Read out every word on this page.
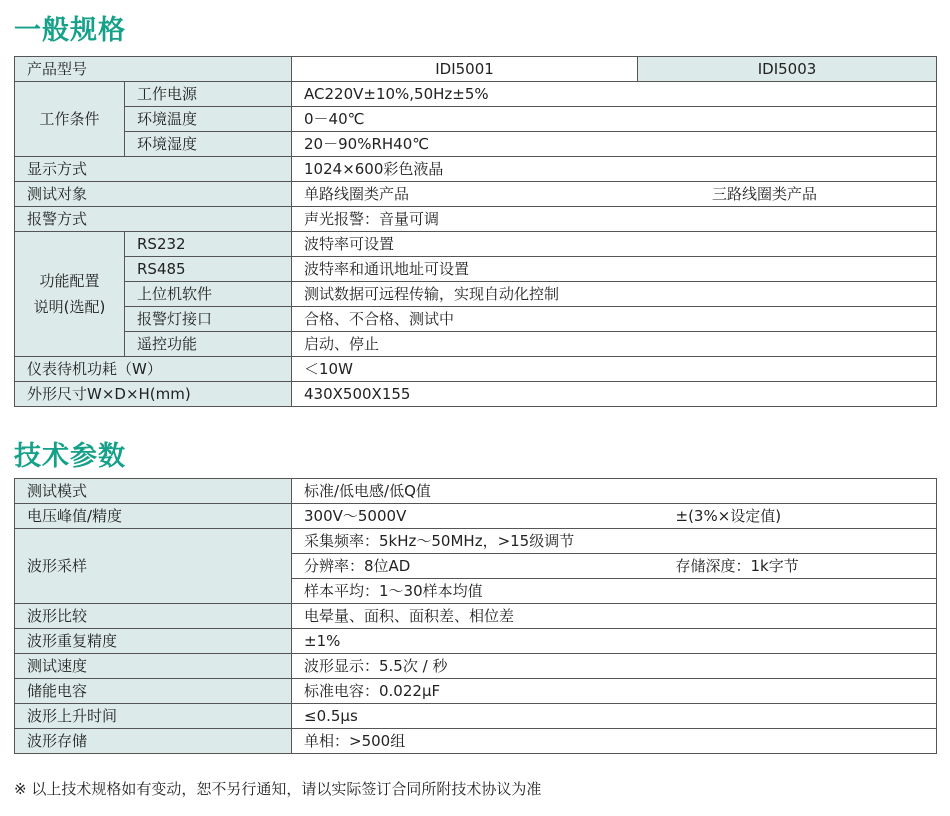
一般规格
产品型号		IDI5001	IDI5003
工作条件	工作电源	AC220V±10%,50Hz±5%	
	环境温度	0－40℃	
	环境湿度	20－90%RH40℃	
显示方式		1024×600彩色液晶	
测试对象		单路线圈类产品 三路线圈类产品	

报警方式		声光报警：音量可调	
功能配置
说明(选配)	RS232	波特率可设置	
	RS485	波特率和通讯地址可设置	
	上位机软件	测试数据可远程传输，实现自动化控制	
	报警灯接口	合格、不合格、测试中	
	遥控功能	启动、停止	
仪表待机功耗（W）		＜10W	
外形尺寸W×D×H(mm)		430X500X155	
技术参数
测试模式	标准/低电感/低Q值	
电压峰值/精度	300V～5000V	±(3%×设定值)
波形采样	采集频率：5kHz～50MHz，>15级调节	
	分辨率：8位AD	存储深度：1k字节
	样本平均：1～30样本均值	
波形比较	电晕量、面积、面积差、相位差	
波形重复精度	±1%	
测试速度	波形显示：5.5次 / 秒	
储能电容	标准电容：0.022μF	
波形上升时间	≤0.5μs	
波形存储	单相：>500组	
※ 以上技术规格如有变动，恕不另行通知，请以实际签订合同所附技术协议为准
